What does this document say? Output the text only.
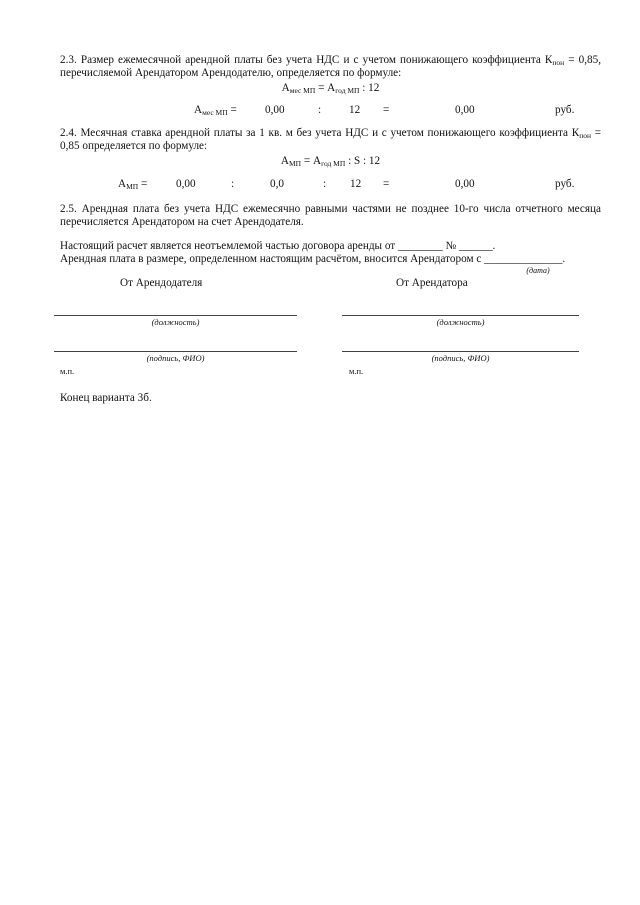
2.3. Размер ежемесячной арендной платы без учета НДС и с учетом понижающего коэффициента Кпон = 0,85, перечисляемой Арендатором Арендодателю, определяется по формуле:
Амес МП = Агод МП : 12
Амес МП =	0,00	: 12 =	0,00	руб.
2.4. Месячная ставка арендной платы за 1 кв. м без учета НДС и с учетом понижающего коэффициента Кпон = 0,85 определяется по формуле:
АМП = Агод МП : S : 12
АМП =	0,00	:	0,0	: 12 =	0,00	руб.
2.5. Арендная плата без учета НДС ежемесячно равными частями не позднее 10-го числа отчетного месяца перечисляется Арендатором на счет Арендодателя.
Настоящий расчет является неотъемлемой частью договора аренды от ________ № ______.
Арендная плата в размере, определенном настоящим расчётом, вносится Арендатором с ______________.
(дата)
От Арендодателя	От Арендатора
(должность)	(должность)
(подпись, ФИО)	(подпись, ФИО)
м.п.	м.п.
Конец варианта 3б.
